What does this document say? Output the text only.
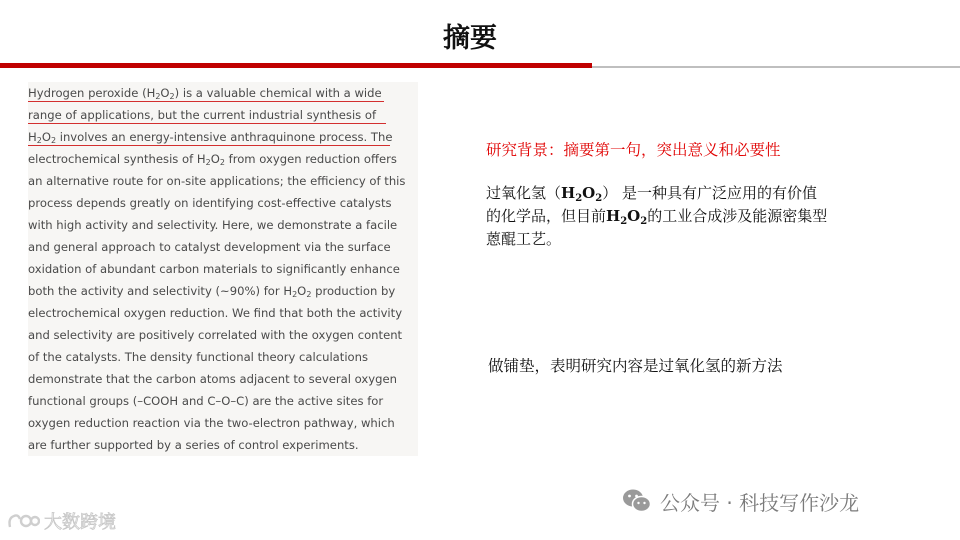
摘要
Hydrogen peroxide $(H_2O_2)$ is a valuable chemical with a wide
range of applications, but the current industrial synthesis of
$H_2O_2$ involves an energy-intensive anthraquinone process. The
electrochemical synthesis of $H_2O_2$ from oxygen reduction offers
an alternative route for on-site applications; the efficiency of this
process depends greatly on identifying cost-effective catalysts
with high activity and selectivity. Here, we demonstrate a facile
and general approach to catalyst development via the surface
oxidation of abundant carbon materials to significantly enhance
both the activity and selectivity (~90%) for $H_2O_2$ production by
electrochemical oxygen reduction. We find that both the activity
and selectivity are positively correlated with the oxygen content
of the catalysts. The density functional theory calculations
demonstrate that the carbon atoms adjacent to several oxygen
functional groups (–COOH and C–O–C) are the active sites for
oxygen reduction reaction via the two-electron pathway, which
are further supported by a series of control experiments.
研究背景：摘要第一句，突出意义和必要性
过氧化氢$(H_2O_2)$ 是一种具有广泛应用的有价值
的化学品，但目前$H_2O_2$的工业合成涉及能源密集型
蒽醌工艺。
做铺垫，表明研究内容是过氧化氢的新方法
公众号 · 科技写作沙龙
大数跨境
